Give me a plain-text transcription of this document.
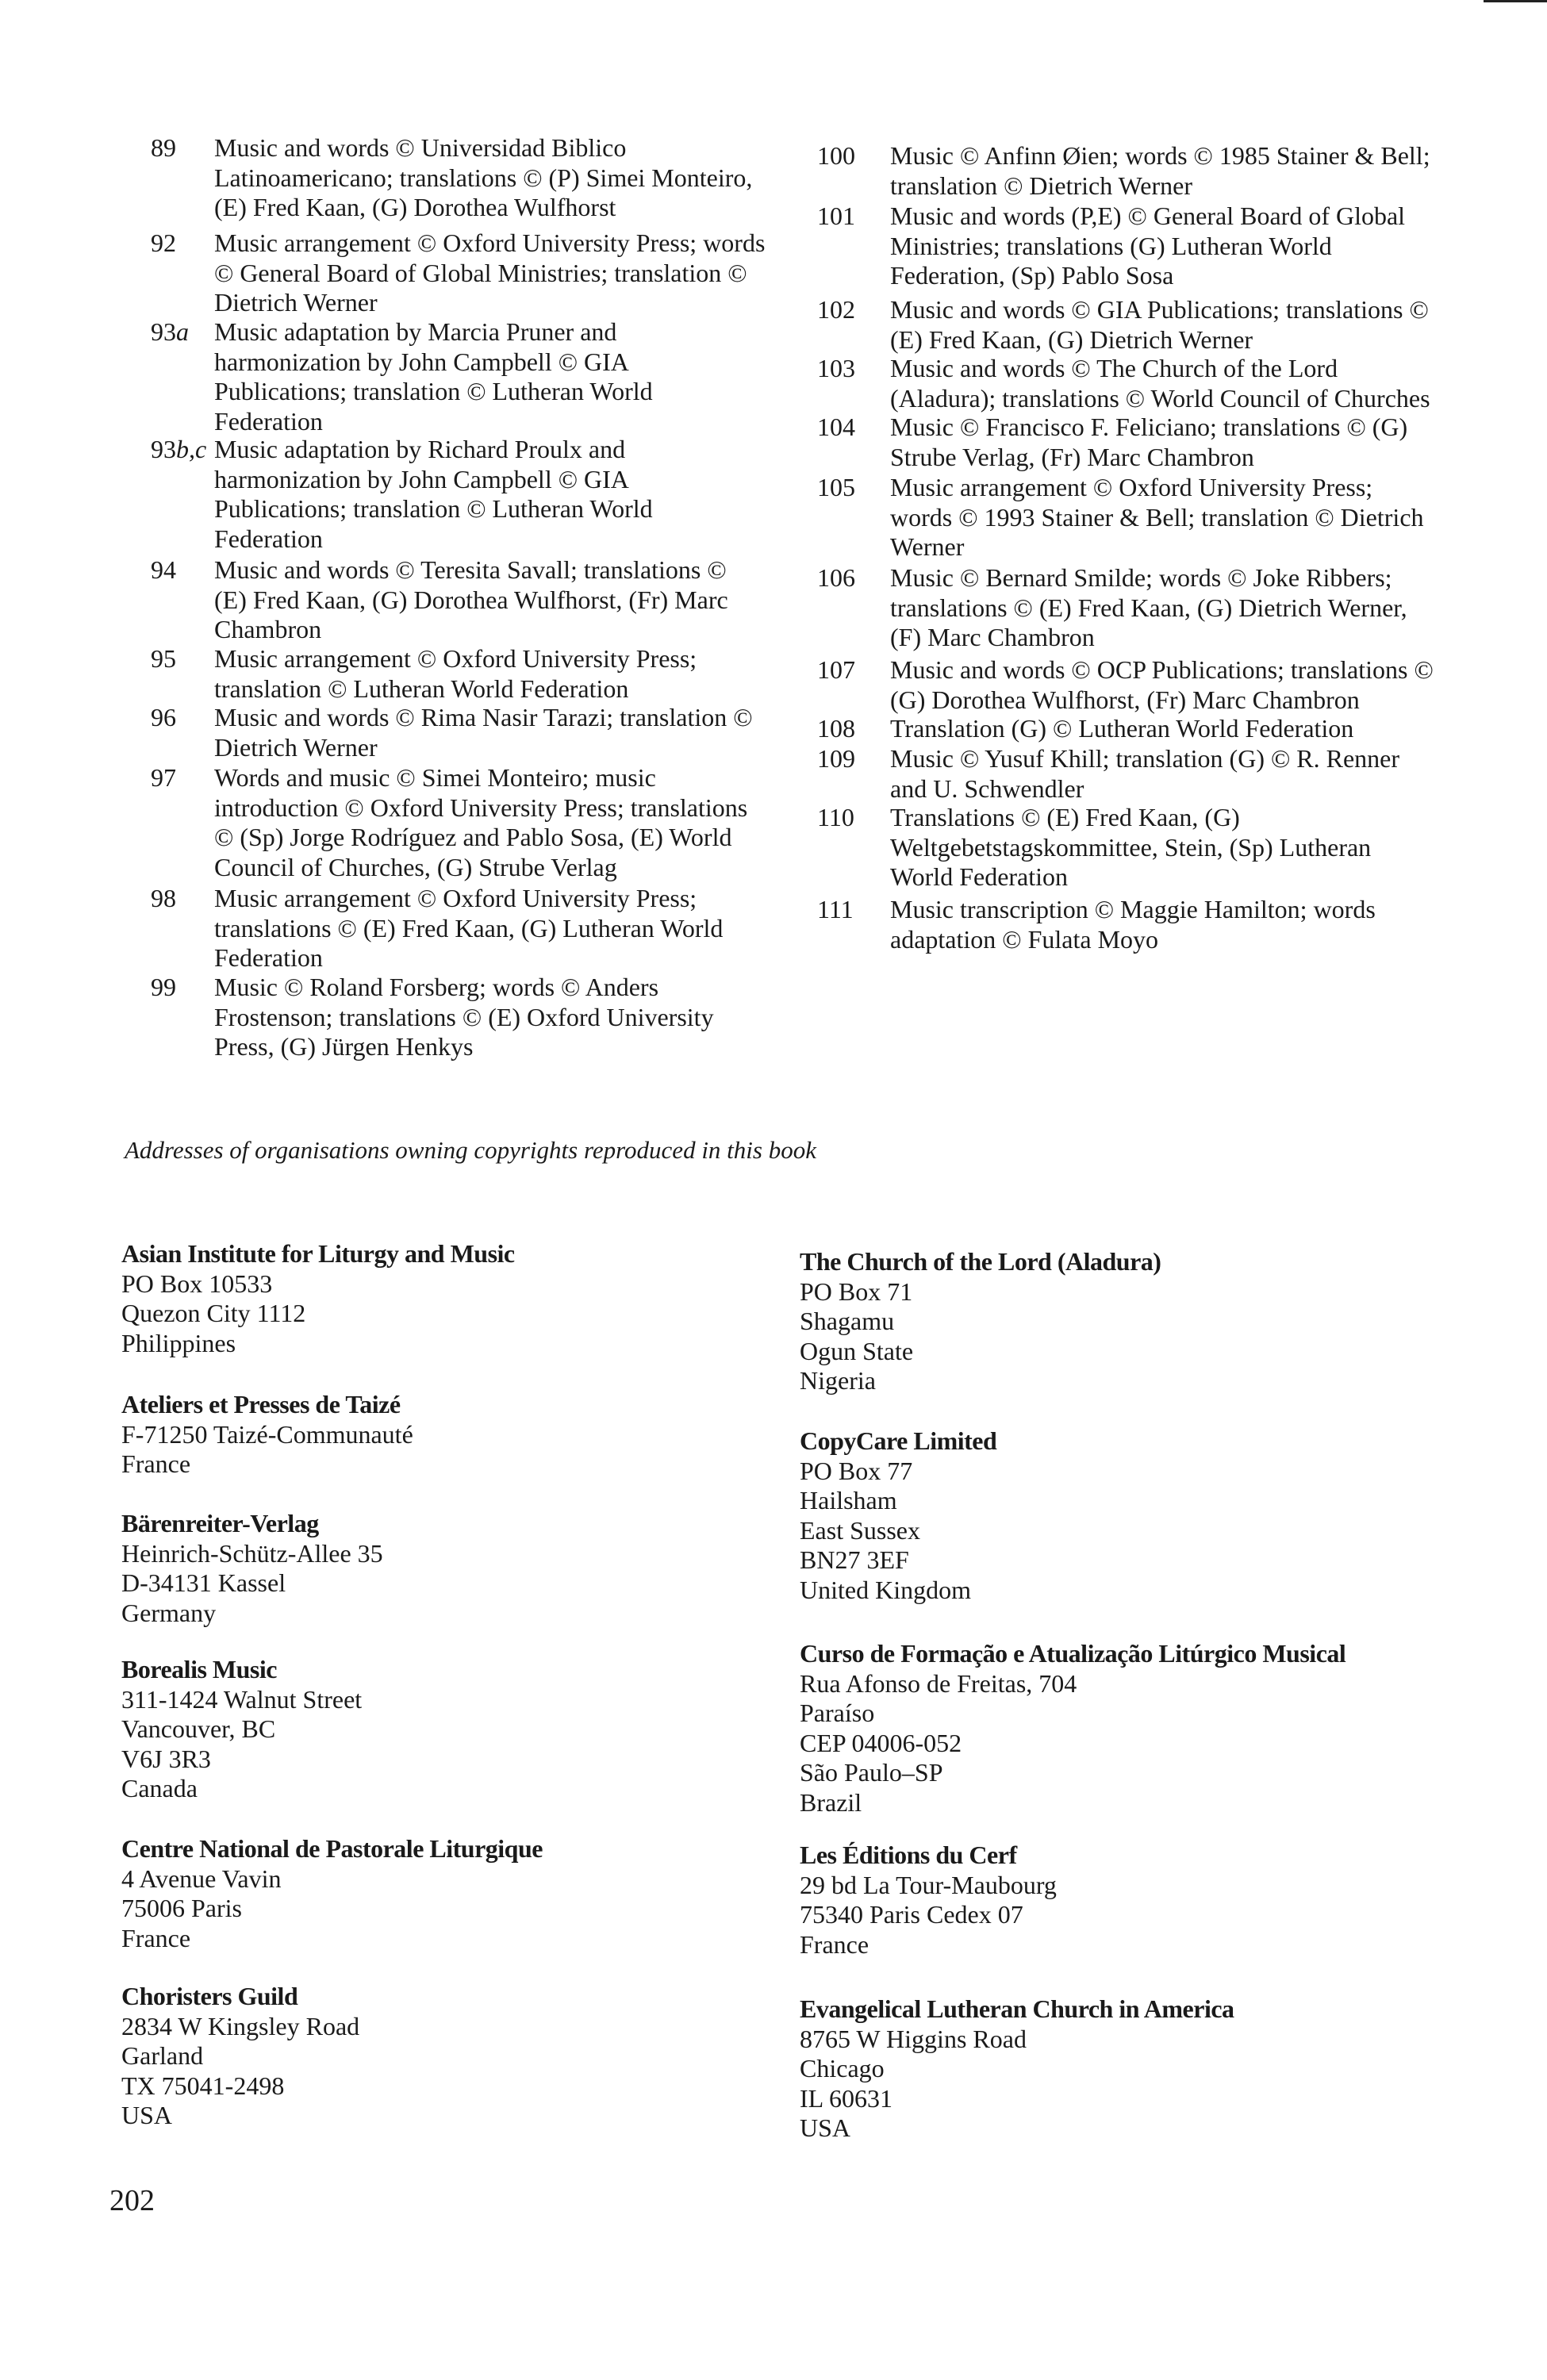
89	Music and words © Universidad Biblico
Latinoamericano; translations © (P) Simei Monteiro,
(E) Fred Kaan, (G) Dorothea Wulfhorst
92	Music arrangement © Oxford University Press; words
© General Board of Global Ministries; translation ©
Dietrich Werner
93a	Music adaptation by Marcia Pruner and
harmonization by John Campbell © GIA
Publications; translation © Lutheran World
Federation
93b,c Music adaptation by Richard Proulx and
harmonization by John Campbell © GIA
Publications; translation © Lutheran World
Federation
94	Music and words © Teresita Savall; translations ©
(E) Fred Kaan, (G) Dorothea Wulfhorst, (Fr) Marc
Chambron
95	Music arrangement © Oxford University Press;
translation © Lutheran World Federation
96	Music and words © Rima Nasir Tarazi; translation ©
Dietrich Werner
97	Words and music © Simei Monteiro; music
introduction © Oxford University Press; translations
© (Sp) Jorge Rodríguez and Pablo Sosa, (E) World
Council of Churches, (G) Strube Verlag
98	Music arrangement © Oxford University Press;
translations © (E) Fred Kaan, (G) Lutheran World
Federation
99	Music © Roland Forsberg; words © Anders
Frostenson; translations © (E) Oxford University
Press, (G) Jürgen Henkys
100	Music © Anfinn Øien; words © 1985 Stainer & Bell;
translation © Dietrich Werner
101	Music and words (P,E) © General Board of Global
Ministries; translations (G) Lutheran World
Federation, (Sp) Pablo Sosa
102	Music and words © GIA Publications; translations ©
(E) Fred Kaan, (G) Dietrich Werner
103	Music and words © The Church of the Lord
(Aladura); translations © World Council of Churches
104	Music © Francisco F. Feliciano; translations © (G)
Strube Verlag, (Fr) Marc Chambron
105	Music arrangement © Oxford University Press;
words © 1993 Stainer & Bell; translation © Dietrich
Werner
106	Music © Bernard Smilde; words © Joke Ribbers;
translations © (E) Fred Kaan, (G) Dietrich Werner,
(F) Marc Chambron
107	Music and words © OCP Publications; translations ©
(G) Dorothea Wulfhorst, (Fr) Marc Chambron
108	Translation (G) © Lutheran World Federation
109	Music © Yusuf Khill; translation (G) © R. Renner
and U. Schwendler
110	Translations © (E) Fred Kaan, (G)
Weltgebetstagskommittee, Stein, (Sp) Lutheran
World Federation
111	Music transcription © Maggie Hamilton; words
adaptation © Fulata Moyo
Addresses of organisations owning copyrights reproduced in this book
Asian Institute for Liturgy and Music
PO Box 10533
Quezon City 1112
Philippines
Ateliers et Presses de Taizé
F-71250 Taizé-Communauté
France
Bärenreiter-Verlag
Heinrich-Schütz-Allee 35
D-34131 Kassel
Germany
Borealis Music
311-1424 Walnut Street
Vancouver, BC
V6J 3R3
Canada
Centre National de Pastorale Liturgique
4 Avenue Vavin
75006 Paris
France
Choristers Guild
2834 W Kingsley Road
Garland
TX 75041-2498
USA
The Church of the Lord (Aladura)
PO Box 71
Shagamu
Ogun State
Nigeria
CopyCare Limited
PO Box 77
Hailsham
East Sussex
BN27 3EF
United Kingdom
Curso de Formação e Atualização Litúrgico Musical
Rua Afonso de Freitas, 704
Paraíso
CEP 04006-052
São Paulo–SP
Brazil
Les Éditions du Cerf
29 bd La Tour-Maubourg
75340 Paris Cedex 07
France
Evangelical Lutheran Church in America
8765 W Higgins Road
Chicago
IL 60631
USA
202
